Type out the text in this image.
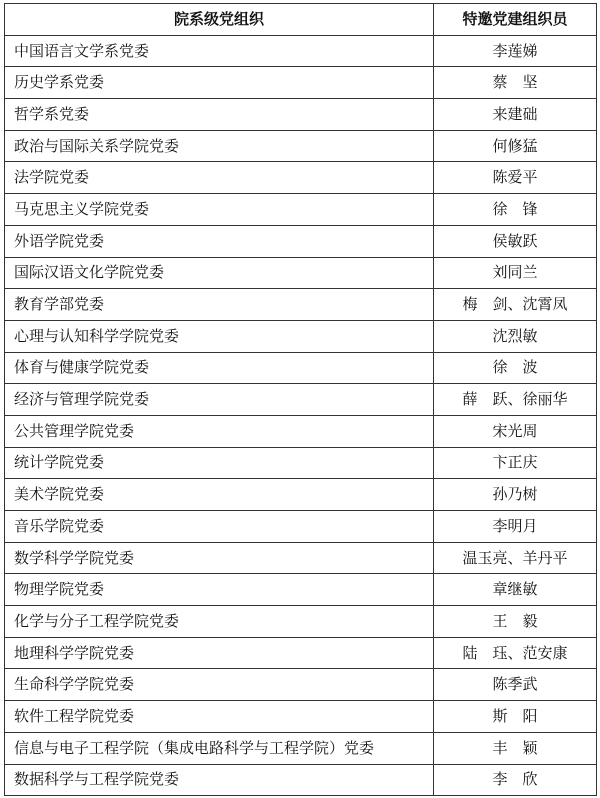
院系级党组织	特邀党建组织员
中国语言文学系党委	李莲娣
历史学系党委	蔡　坚
哲学系党委	来建础
政治与国际关系学院党委	何修猛
法学院党委	陈爱平
马克思主义学院党委	徐　锋
外语学院党委	侯敏跃
国际汉语文化学院党委	刘同兰
教育学部党委	梅　剑、沈霄凤
心理与认知科学学院党委	沈烈敏
体育与健康学院党委	徐　波
经济与管理学院党委	薛　跃、徐丽华
公共管理学院党委	宋光周
统计学院党委	卞正庆
美术学院党委	孙乃树
音乐学院党委	李明月
数学科学学院党委	温玉亮、羊丹平
物理学院党委	章继敏
化学与分子工程学院党委	王　毅
地理科学学院党委	陆　珏、范安康
生命科学学院党委	陈季武
软件工程学院党委	斯　阳
信息与电子工程学院（集成电路科学与工程学院）党委	丰　颖
数据科学与工程学院党委	李　欣
